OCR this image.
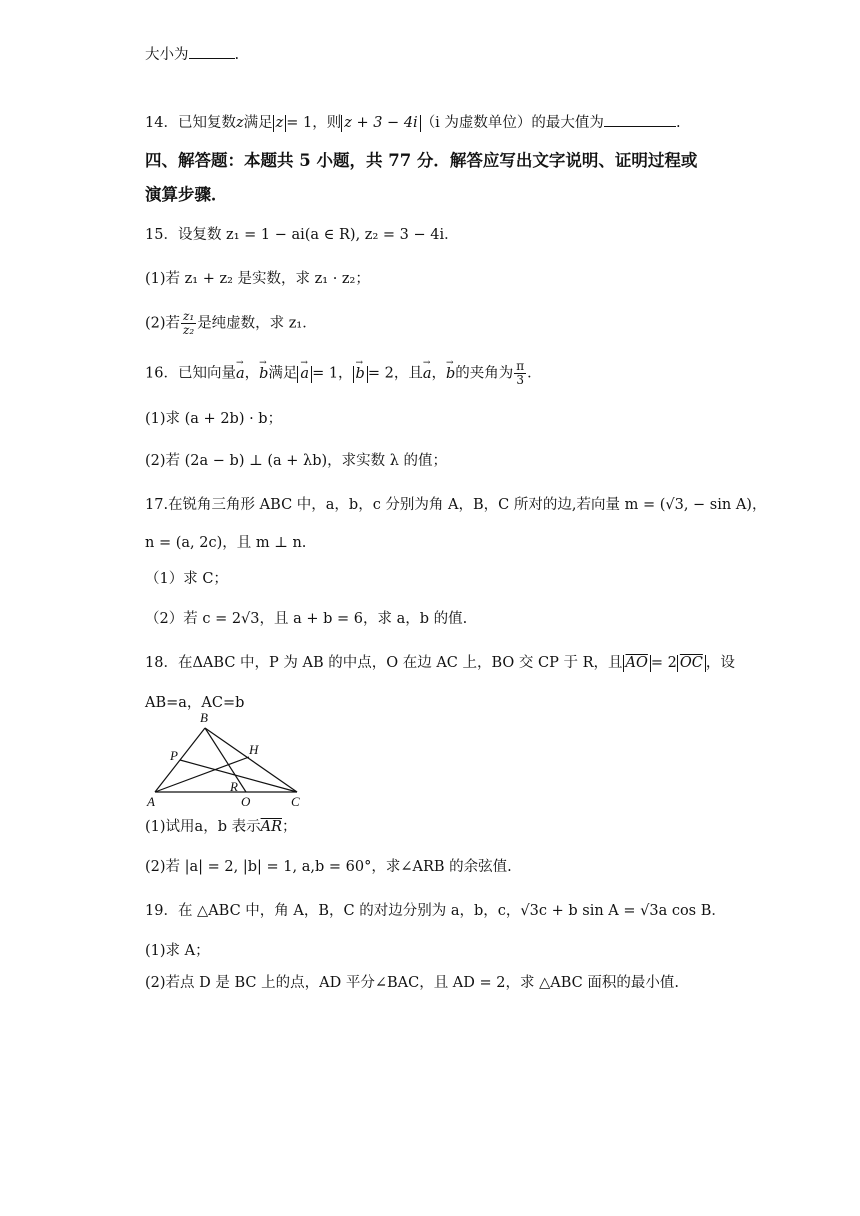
大小为	.
14．已知复数z满足 z = 1，则 z + 3 − 4i （i 为虚数单位）的最大值为	.
四、解答题：本题共 5 小题，共 77 分．解答应写出文字说明、证明过程或
演算步骤．
15．设复数 z₁ = 1 − ai(a ∈ R), z₂ = 3 − 4i．
(1)若 z₁ + z₂ 是实数，求 z₁ · z₂；
(2)若 $\frac{\text{z₁}}{\text{z₂}}$ 是纯虚数，求 z₁．
16．已知向量→ a，→ b满足 → a = 1， → b = 2，且→ a，→ b的夹角为 $\frac{\pi}{3}$ ．
(1)求 (a + 2b) · b；
(2)若 (2a − b) ⊥ (a + λb)，求实数 λ 的值；
17.在锐角三角形 ABC 中，a，b，c 分别为角 A，B，C 所对的边,若向量 m = (√3, − sin A)，
n = (a, 2c)，且 m ⊥ n.
（1）求 C；
（2）若 c = 2√3，且 a + b = 6，求 a，b 的值.
18．在ΔABC 中，P 为 AB 的中点，O 在边 AC 上，BO 交 CP 于 R，且 $\overline{AO} = 2$ $\overline{OC}$ ，设
AB=a，AC=b
B
P	H
R
A	O	C
(1)试用a，b 表示$\overline{AR}$；
(2)若 |a| = 2, |b| = 1, a,b = 60°，求∠ARB 的余弦值.
19．在 △ABC 中，角 A，B，C 的对边分别为 a，b，c，√3c + b sin A = √3a cos B．
(1)求 A；
(2)若点 D 是 BC 上的点，AD 平分∠BAC，且 AD = 2，求 △ABC 面积的最小值.
